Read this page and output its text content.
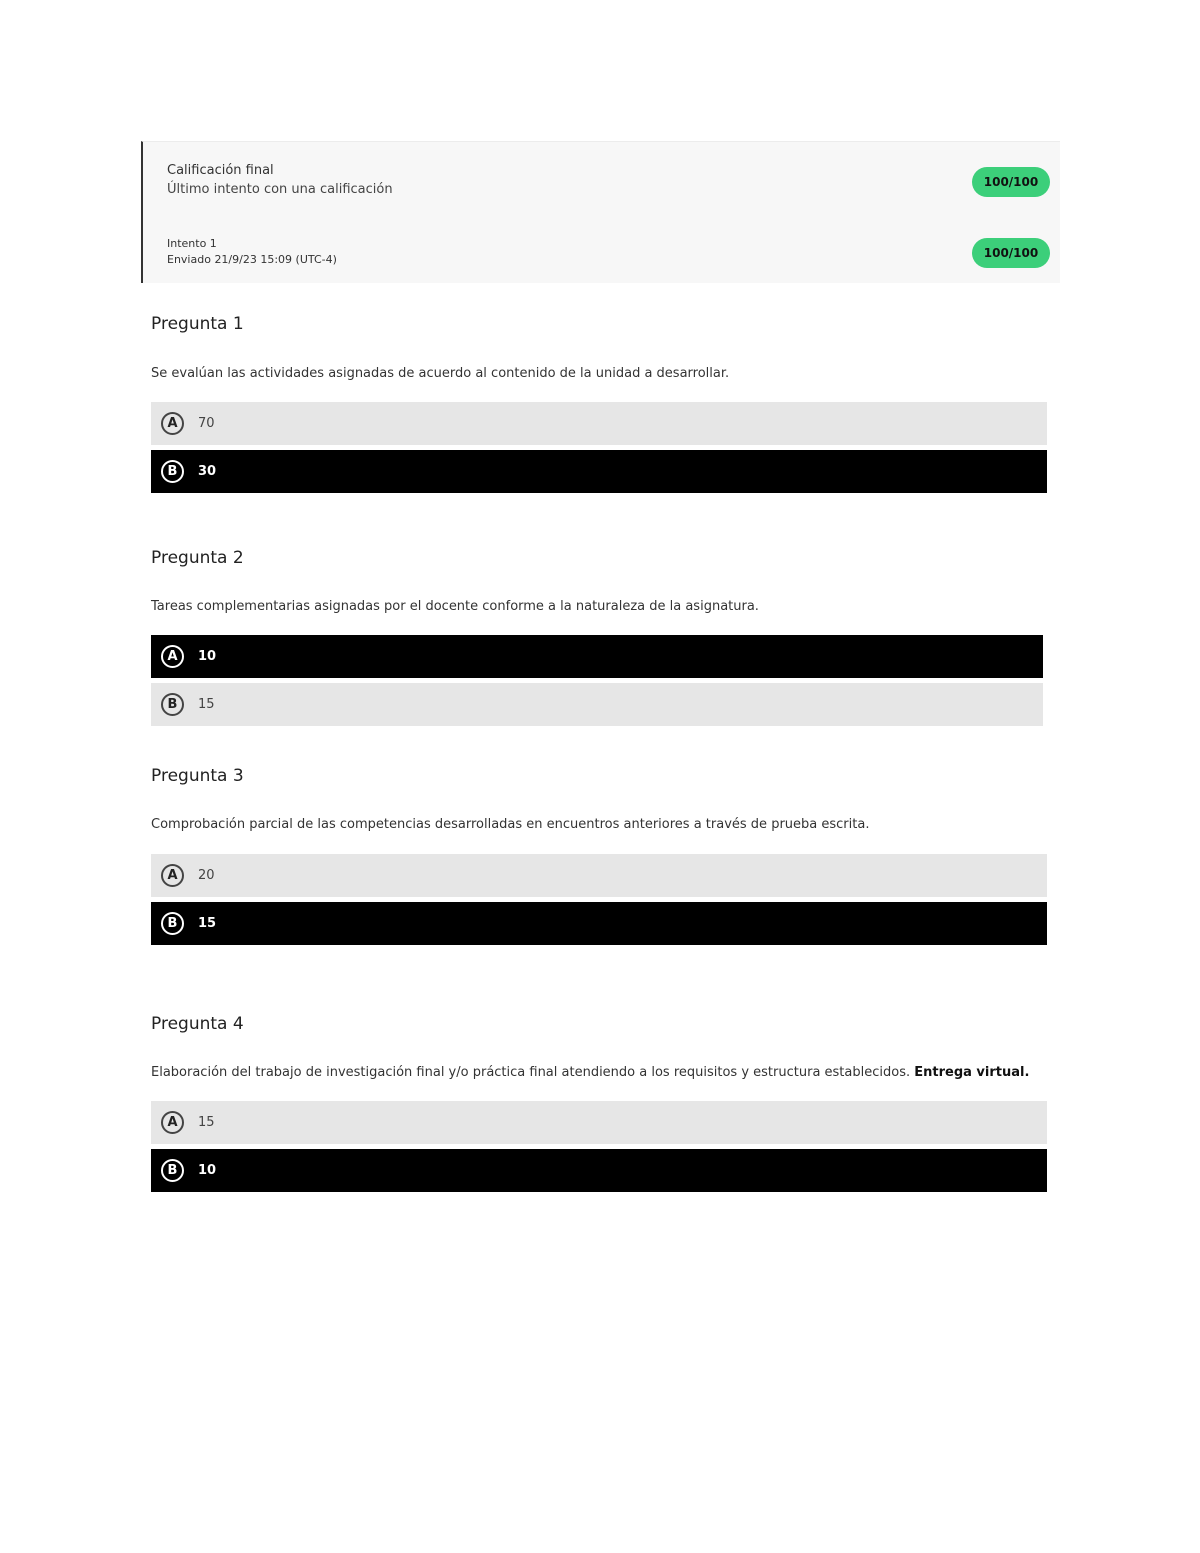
Calificación final
Último intento con una calificación	100/100
Intento 1
Enviado 21/9/23 15:09 (UTC-4)	100/100
Pregunta 1
Se evalúan las actividades asignadas de acuerdo al contenido de la unidad a desarrollar.
A	70
B	30
Pregunta 2
Tareas complementarias asignadas por el docente conforme a la naturaleza de la asignatura.
A	10
B	15
Pregunta 3
Comprobación parcial de las competencias desarrolladas en encuentros anteriores a través de prueba escrita.
A	20
B	15
Pregunta 4
Elaboración del trabajo de investigación final y/o práctica final atendiendo a los requisitos y estructura establecidos. Entrega virtual.
A	15
B	10
